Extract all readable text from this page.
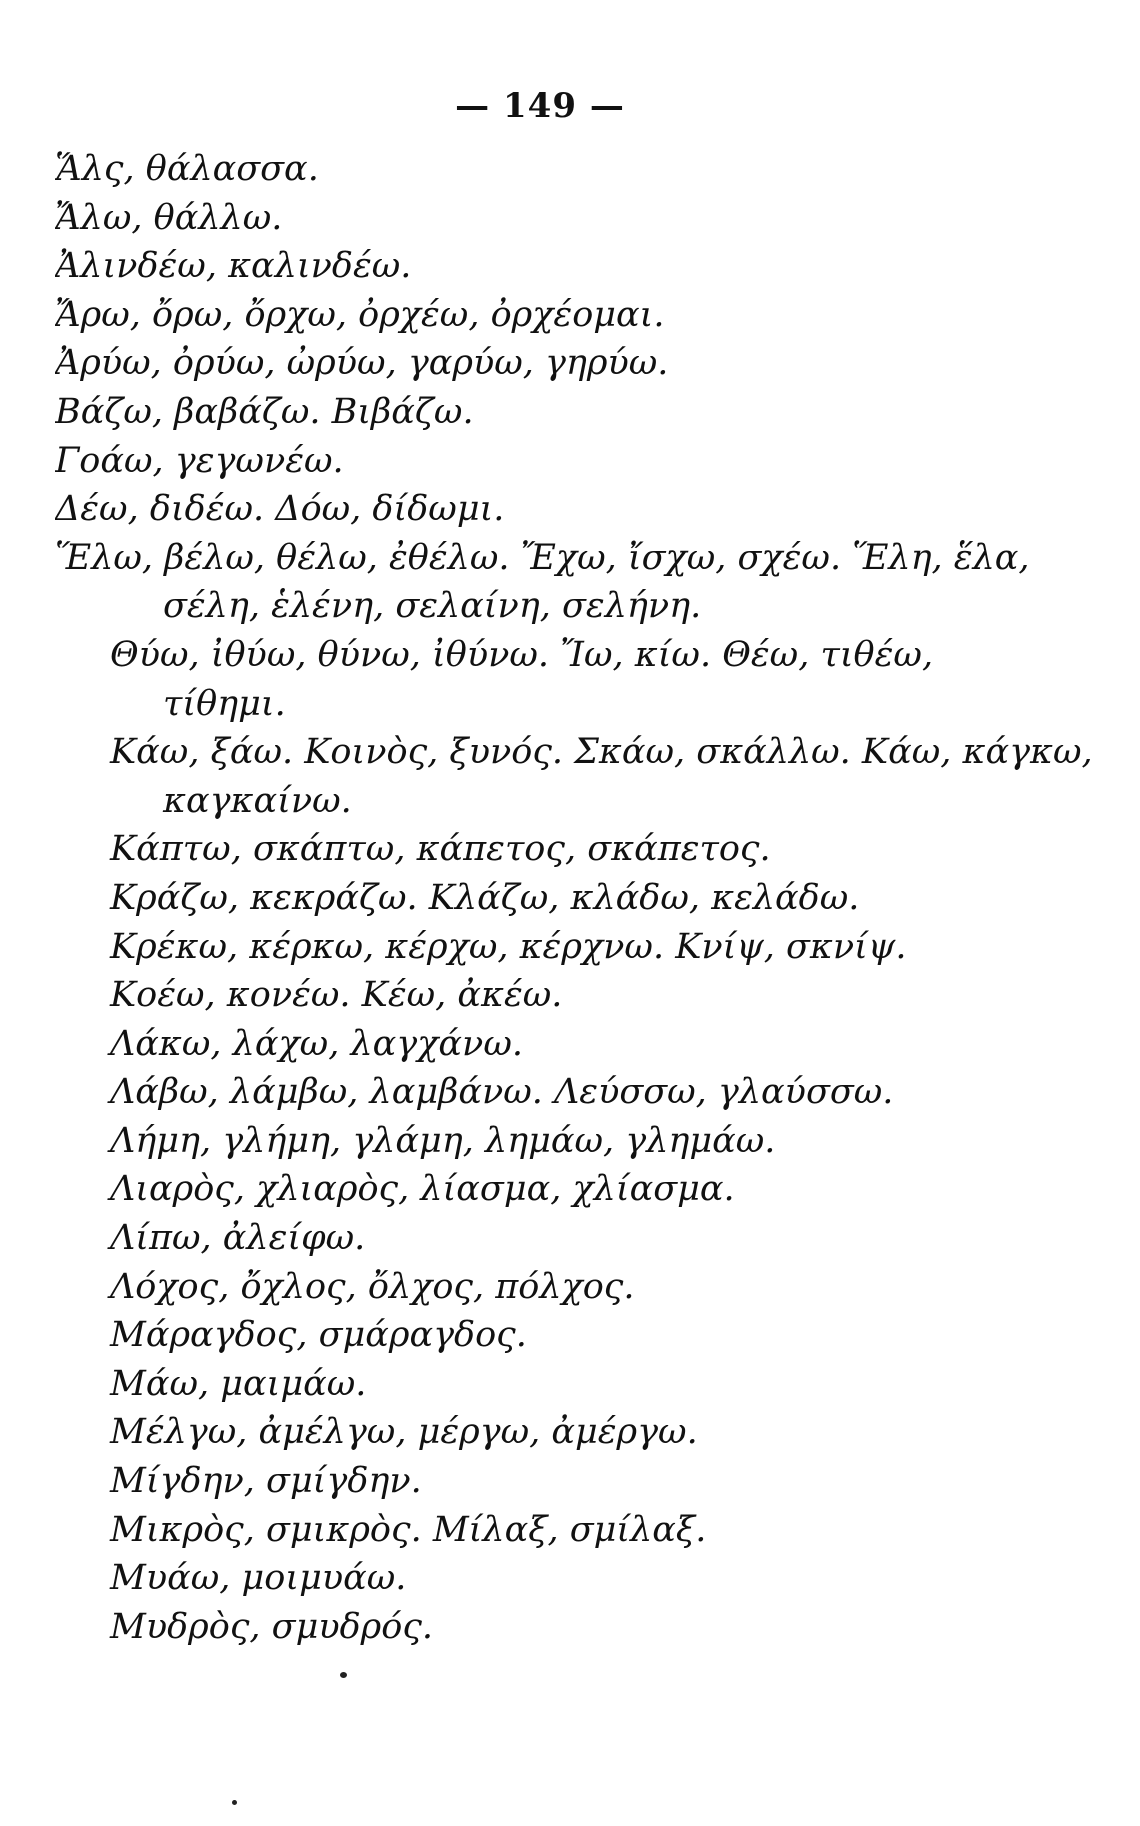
— 149 —
Ἅλς, θάλασσα.
Ἄλω, θάλλω.
Ἀλινδέω, καλινδέω.
Ἄρω, ὄρω, ὄρχω, ὀρχέω, ὀρχέομαι.
Ἀρύω, ὀρύω, ὠρύω, γαρύω, γηρύω.
Βάζω, βαβάζω. Βιβάζω.
Γοάω, γεγωνέω.
Δέω, διδέω. Δόω, δίδωμι.
Ἕλω, βέλω, θέλω, ἐθέλω. Ἔχω, ἴσχω, σχέω. Ἕλη, ἕλα,
σέλη, ἑλένη, σελαίνη, σελήνη.
Θύω, ἰθύω, θύνω, ἰθύνω. Ἴω, κίω. Θέω, τιθέω,
τίθημι.
Κάω, ξάω. Κοινὸς, ξυνός. Σκάω, σκάλλω. Κάω, κάγκω,
καγκαίνω.
Κάπτω, σκάπτω, κάπετος, σκάπετος.
Κράζω, κεκράζω. Κλάζω, κλάδω, κελάδω.
Κρέκω, κέρκω, κέρχω, κέρχνω. Κνίψ, σκνίψ.
Κοέω, κονέω. Κέω, ἀκέω.
Λάκω, λάχω, λαγχάνω.
Λάβω, λάμβω, λαμβάνω. Λεύσσω, γλαύσσω.
Λήμη, γλήμη, γλάμη, λημάω, γλημάω.
Λιαρὸς, χλιαρὸς, λίασμα, χλίασμα.
Λίπω, ἀλείφω.
Λόχος, ὄχλος, ὄλχος, πόλχος.
Μάραγδος, σμάραγδος.
Μάω, μαιμάω.
Μέλγω, ἀμέλγω, μέργω, ἀμέργω.
Μίγδην, σμίγδην.
Μικρὸς, σμικρὸς. Μίλαξ, σμίλαξ.
Μυάω, μοιμυάω.
Μυδρὸς, σμυδρός.
